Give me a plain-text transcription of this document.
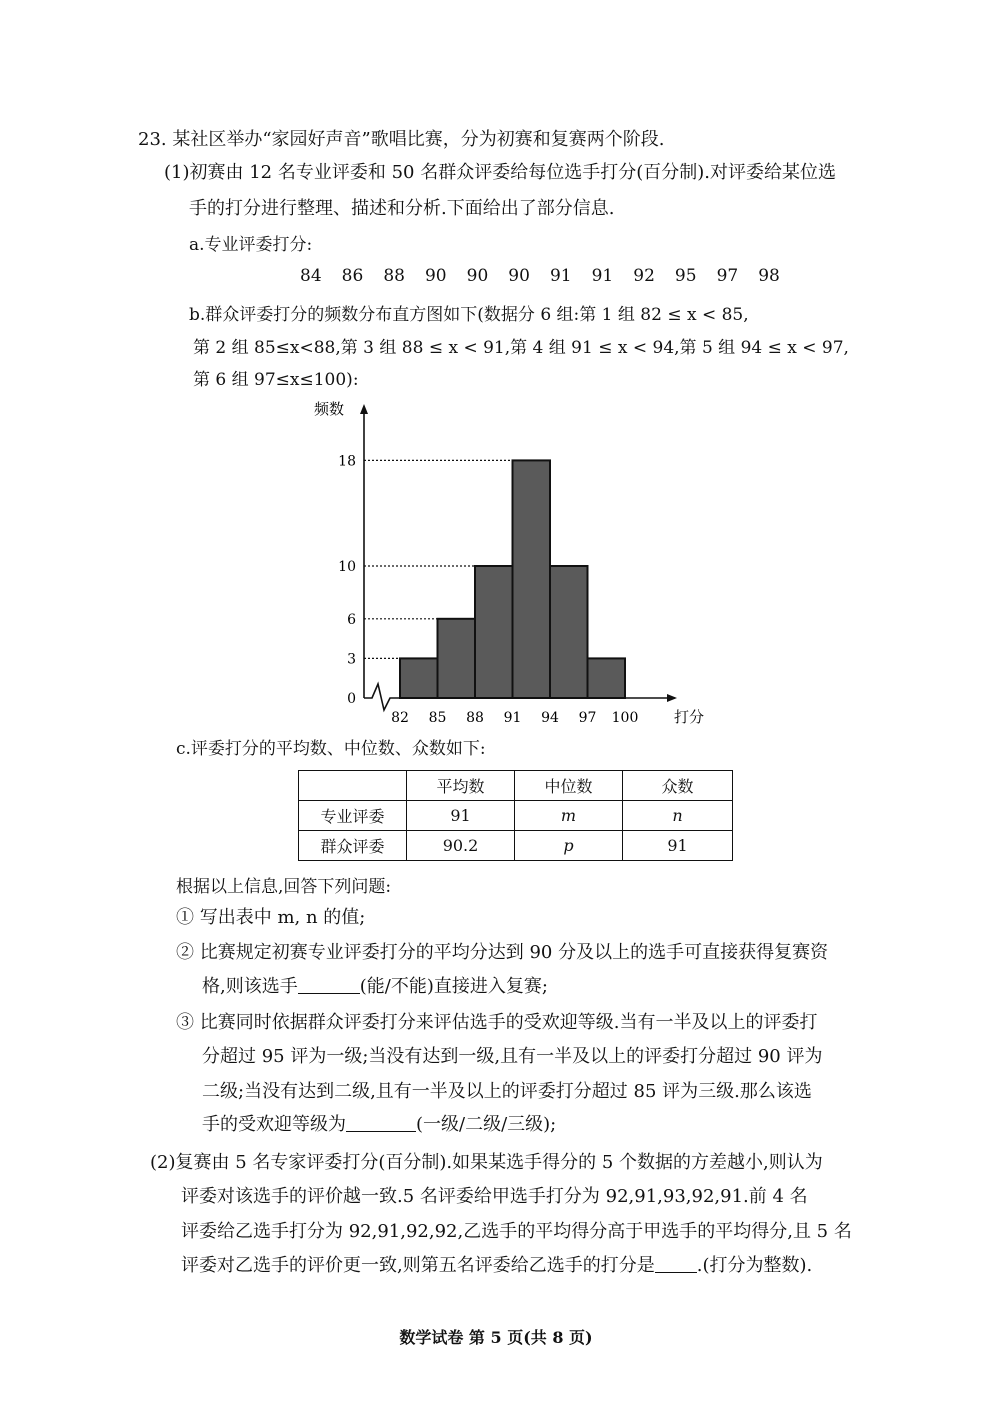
23. 某社区举办“家园好声音”歌唱比赛，分为初赛和复赛两个阶段.
(1)初赛由 12 名专业评委和 50 名群众评委给每位选手打分(百分制).对评委给某位选
手的打分进行整理、描述和分析.下面给出了部分信息.
a.专业评委打分:
84 86 88 90 90 90 91 91 92 95 97 98
b.群众评委打分的频数分布直方图如下(数据分 6 组:第 1 组 82 ≤ x < 85,
第 2 组 85≤x<88,第 3 组 88 ≤ x < 91,第 4 组 91 ≤ x < 94,第 5 组 94 ≤ x < 97,
第 6 组 97≤x≤100):
频数
打分
0
3
6
10
18
82 85 88 91 94 97 100
c.评委打分的平均数、中位数、众数如下:
	平均数	中位数	众数
专业评委	91	m	n
群众评委	90.2	p	91
根据以上信息,回答下列问题:
① 写出表中 m, n 的值;
② 比赛规定初赛专业评委打分的平均分达到 90 分及以上的选手可直接获得复赛资
格,则该选手	(能/不能)直接进入复赛;
③ 比赛同时依据群众评委打分来评估选手的受欢迎等级.当有一半及以上的评委打
分超过 95 评为一级;当没有达到一级,且有一半及以上的评委打分超过 90 评为
二级;当没有达到二级,且有一半及以上的评委打分超过 85 评为三级.那么该选
手的受欢迎等级为	(一级/二级/三级);
(2)复赛由 5 名专家评委打分(百分制).如果某选手得分的 5 个数据的方差越小,则认为
评委对该选手的评价越一致.5 名评委给甲选手打分为 92,91,93,92,91.前 4 名
评委给乙选手打分为 92,91,92,92,乙选手的平均得分高于甲选手的平均得分,且 5 名
评委对乙选手的评价更一致,则第五名评委给乙选手的打分是 .(打分为整数).
数学试卷 第 5 页(共 8 页)
